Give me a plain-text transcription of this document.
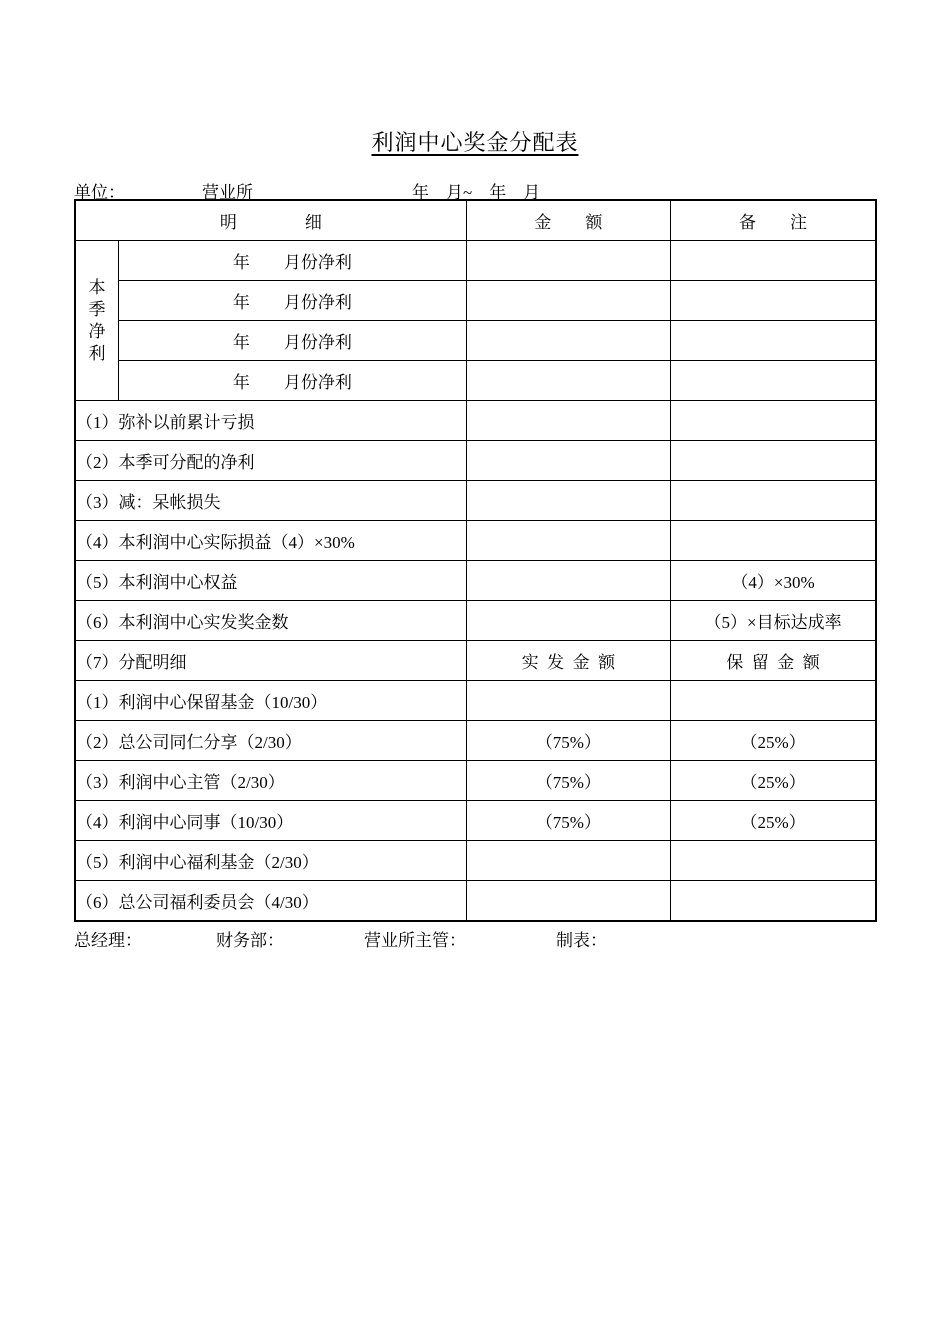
利润中心奖金分配表
单位：	营业所	年    月~    年    月
明                细		金        额	备        注
本季净利	年        月份净利		
	年        月份净利		
	年        月份净利		
	年        月份净利		
（1）弥补以前累计亏损			
（2）本季可分配的净利			
（3）减：呆帐损失			
（4）本利润中心实际损益（4）×30%			
（5）本利润中心权益			（4）×30%
（6）本利润中心实发奖金数			（5）×目标达成率
（7）分配明细		实  发  金  额	保  留  金  额
（1）利润中心保留基金（10/30）			
（2）总公司同仁分享（2/30）		（75%）	（25%）
（3）利润中心主管（2/30）		（75%）	（25%）
（4）利润中心同事（10/30）		（75%）	（25%）
（5）利润中心福利基金（2/30）			
（6）总公司福利委员会（4/30）			
总经理：	财务部：	营业所主管：	制表：
